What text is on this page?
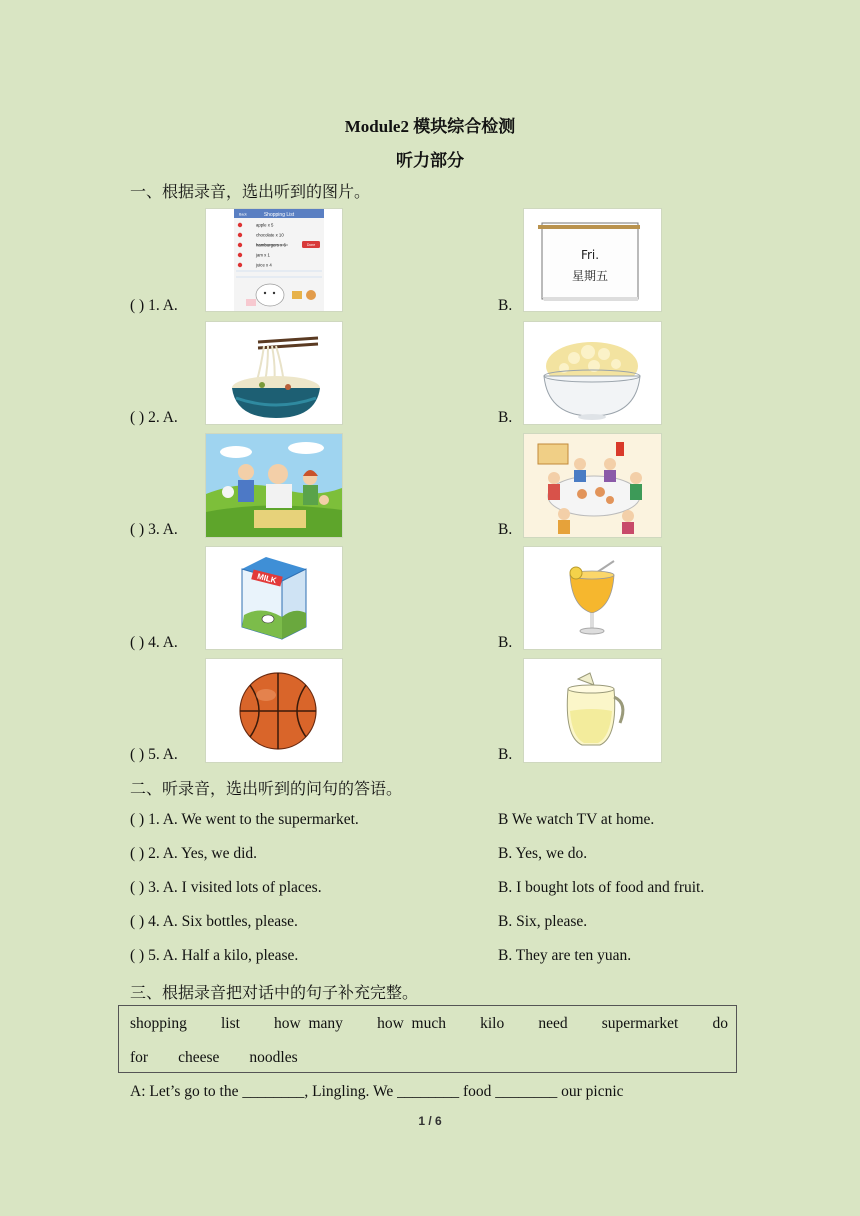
Module2 模块综合检测
听力部分
一、根据录音，选出听到的图片。
( ) 1. A.	B.
Shopping List
Back
apple x 5
chocolate x 10
hamburgers x 6	Done
jam x 1
juice x 4
Fri.
星期五
( ) 2. A.	B.
( ) 3. A.	B.
( ) 4. A.	B.
MILK
( ) 5. A.	B.
二、听录音，选出听到的问句的答语。
( ) 1. A. We went to the supermarket.	B We watch TV at home.
( ) 2. A. Yes, we did.	B. Yes, we do.
( ) 3. A. I visited lots of places.	B. I bought lots of food and fruit.
( ) 4. A. Six bottles, please.	B. Six, please.
( ) 5. A. Half a kilo, please.	B. They are ten yuan.
三、根据录音把对话中的句子补充完整。
shopping list how  many how  much kilo need supermarket do
for cheese noodles
A: Let’s go to the ________, Lingling. We ________ food ________ our picnic
1 / 6
